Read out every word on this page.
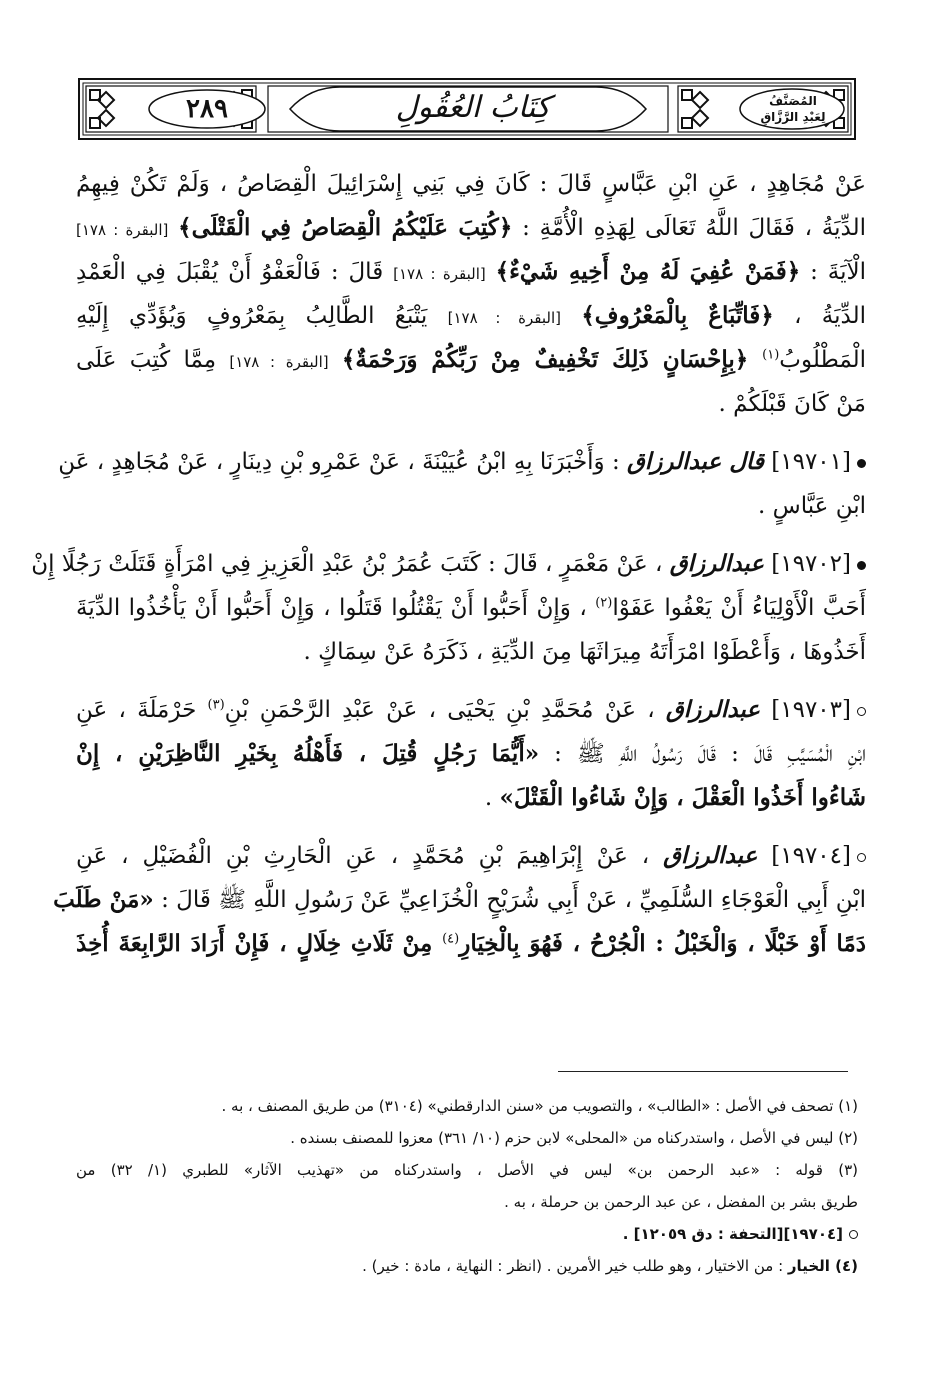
٢٨٩	كِتَابُ العُقُولِ	المُصَنَّفُ
لِعَبْدِ الرَّزَّاقِ
عَنْ مُجَاهِدٍ ، عَنِ ابْنِ عَبَّاسٍ قَالَ : كَانَ فِي بَنِي إِسْرَائِيلَ الْقِصَاصُ ، وَلَمْ تَكُنْ فِيهِمُ
الدِّيَةُ ، فَقَالَ اللَّهُ تَعَالَى لِهَذِهِ الْأُمَّةِ : ﴿كُتِبَ عَلَيْكُمُ الْقِصَاصُ فِي الْقَتْلَى﴾ [البقرة : ١٧٨]
الْآيَةَ : ﴿فَمَنْ عُفِيَ لَهُ مِنْ أَخِيهِ شَيْءٌ﴾ [البقرة : ١٧٨] قَالَ : فَالْعَفْوُ أَنْ يُقْبَلَ فِي الْعَمْدِ
الدِّيَةُ ، ﴿فَاتِّبَاعٌ بِالْمَعْرُوفِ﴾ [البقرة : ١٧٨] يَتْبَعُ الطَّالِبُ بِمَعْرُوفٍ وَيُؤَدِّي إِلَيْهِ
الْمَطْلُوبُ$^{(١)}$ ﴿بِإِحْسَانٍ ذَلِكَ تَخْفِيفٌ مِنْ رَبِّكُمْ وَرَحْمَةٌ﴾ [البقرة : ١٧٨] مِمَّا كُتِبَ عَلَى
مَنْ كَانَ قَبْلَكُمْ .
[١٩٧٠١] قال عبدالرزاق : وَأَخْبَرَنَا بِهِ ابْنُ عُيَيْنَةَ ، عَنْ عَمْرِو بْنِ دِينَارٍ ، عَنْ مُجَاهِدٍ ، عَنِ
ابْنِ عَبَّاسٍ .
[١٩٧٠٢] عبدالرزاق ، عَنْ مَعْمَرٍ ، قَالَ : كَتَبَ عُمَرُ بْنُ عَبْدِ الْعَزِيزِ فِي امْرَأَةٍ قَتَلَتْ رَجُلًا إِنْ
أَحَبَّ الْأَوْلِيَاءُ أَنْ يَعْفُوا عَفَوْا$^{(٢)}$ ، وَإِنْ أَحَبُّوا أَنْ يَقْتُلُوا قَتَلُوا ، وَإِنْ أَحَبُّوا أَنْ يَأْخُذُوا الدِّيَةَ
أَخَذُوهَا ، وَأَعْطَوْا امْرَأَتَهُ مِيرَاثَهَا مِنَ الدِّيَةِ ، ذَكَرَهُ عَنْ سِمَاكٍ .
[١٩٧٠٣] عبدالرزاق ، عَنْ مُحَمَّدِ بْنِ يَحْيَى ، عَنْ عَبْدِ الرَّحْمَنِ بْنِ$^{(٣)}$ حَرْمَلَةَ ، عَنِ
ابْنِ الْمُسَيَّبِ قَالَ : قَالَ رَسُولُ اللَّهِ ﷺ : «أَيُّمَا رَجُلٍ قُتِلَ ، فَأَهْلُهُ بِخَيْرِ النَّاظِرَيْنِ ، إِنْ
شَاءُوا أَخَذُوا الْعَقْلَ ، وَإِنْ شَاءُوا الْقَتْلَ» .
[١٩٧٠٤] عبدالرزاق ، عَنْ إِبْرَاهِيمَ بْنِ مُحَمَّدٍ ، عَنِ الْحَارِثِ بْنِ الْفُضَيْلِ ، عَنِ
ابْنِ أَبِي الْعَوْجَاءِ السُّلَمِيِّ ، عَنْ أَبِي شُرَيْحٍ الْخُزَاعِيِّ عَنْ رَسُولِ اللَّهِ ﷺ قَالَ : «مَنْ طَلَبَ
دَمًا أَوْ خَبْلًا ، وَالْخَبْلُ : الْجُرْحُ ، فَهُوَ بِالْخِيَارِ$^{(٤)}$ مِنْ ثَلَاثِ خِلَالٍ ، فَإِنْ أَرَادَ الرَّابِعَةَ أُخِذَ
(١) تصحف في الأصل : «الطالب» ، والتصويب من «سنن الدارقطني» (٣١٠٤) من طريق المصنف ، به .
(٢) ليس في الأصل ، واستدركناه من «المحلى» لابن حزم (١٠/ ٣٦١) معزوا للمصنف بسنده .
(٣) قوله : «عبد الرحمن بن» ليس في الأصل ، واستدركناه من «تهذيب الآثار» للطبري (١/ ٣٢) من
طريق بشر بن المفضل ، عن عبد الرحمن بن حرملة ، به .
[١٩٧٠٤][التحفة : دق ١٢٠٥٩] .
(٤) الخيار : من الاختيار ، وهو طلب خير الأمرين . (انظر : النهاية ، مادة : خير) .
